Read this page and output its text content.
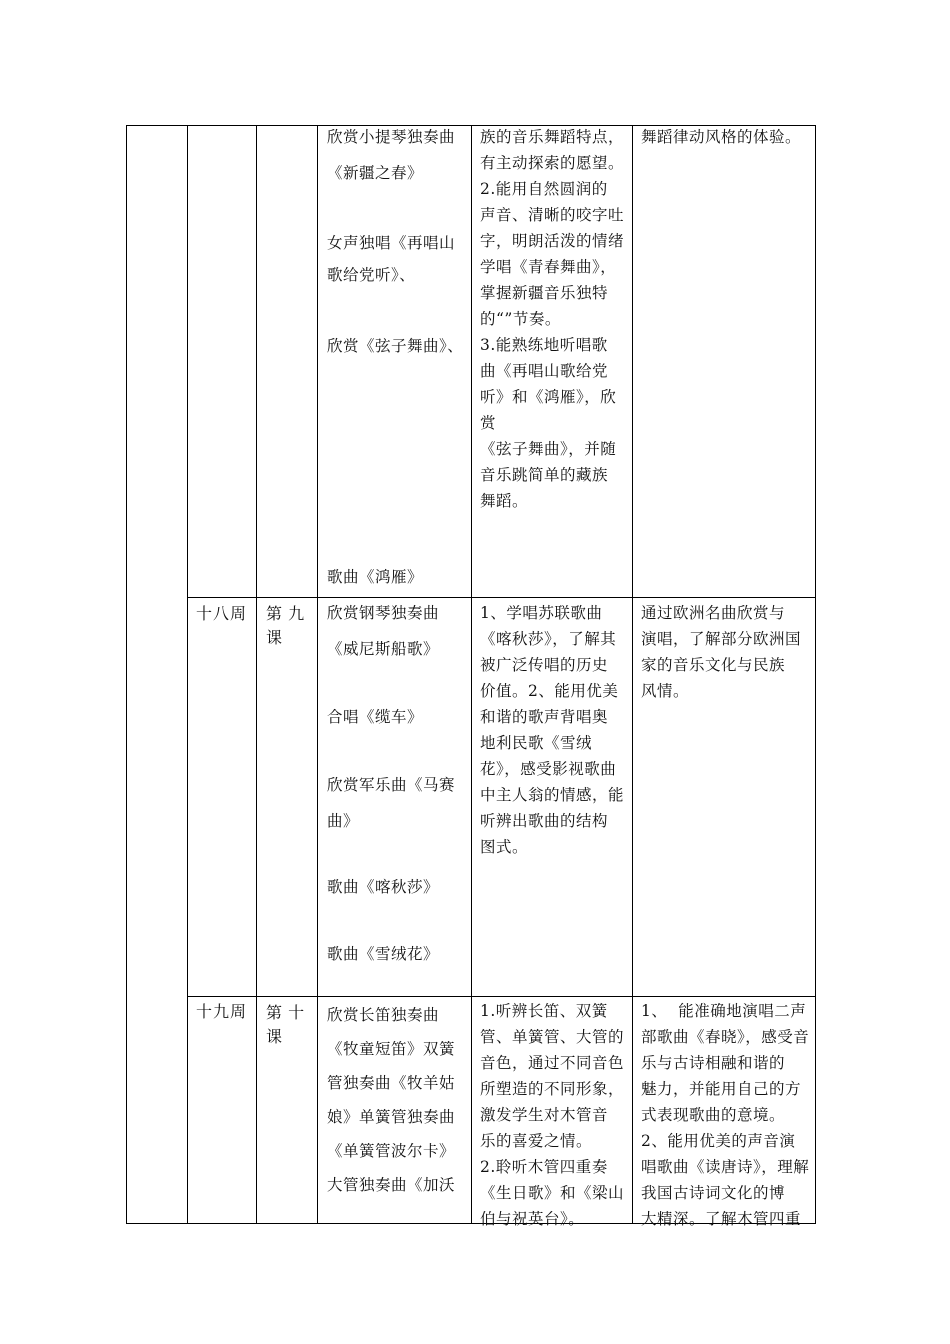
欣赏小提琴独奏曲
《新疆之春》
女声独唱《再唱山
歌给党听》、
欣赏《弦子舞曲》、
歌曲《鸿雁》
族的音乐舞蹈特点，
有主动探索的愿望。
2.能用自然圆润的
声音、清晰的咬字吐
字，明朗活泼的情绪
学唱《青春舞曲》，
掌握新疆音乐独特
的“”节奏。
3.能熟练地听唱歌
曲《再唱山歌给党
听》和《鸿雁》，欣赏
《弦子舞曲》，并随
音乐跳简单的藏族
舞蹈。
舞蹈律动风格的体验。
十八周 第 九
课
欣赏钢琴独奏曲
《威尼斯船歌》
合唱《缆车》
欣赏军乐曲《马赛
曲》
歌曲《喀秋莎》
歌曲《雪绒花》
1、学唱苏联歌曲
《喀秋莎》，了解其
被广泛传唱的历史
价值。2、能用优美
和谐的歌声背唱奥
地利民歌《雪绒
花》，感受影视歌曲
中主人翁的情感，能
听辨出歌曲的结构
图式。
通过欧洲名曲欣赏与
演唱，了解部分欧洲国
家的音乐文化与民族
风情。
十九周 第 十
课
欣赏长笛独奏曲
《牧童短笛》双簧
管独奏曲《牧羊姑
娘》单簧管独奏曲
《单簧管波尔卡》
大管独奏曲《加沃
1.听辨长笛、双簧
管、单簧管、大管的
音色，通过不同音色
所塑造的不同形象，
激发学生对木管音
乐的喜爱之情。
2.聆听木管四重奏
《生日歌》和《梁山
伯与祝英台》。
1、  能准确地演唱二声
部歌曲《春晓》，感受音
乐与古诗相融和谐的
魅力，并能用自己的方
式表现歌曲的意境。
2、能用优美的声音演
唱歌曲《读唐诗》，理解
我国古诗词文化的博
大精深。了解木管四重
